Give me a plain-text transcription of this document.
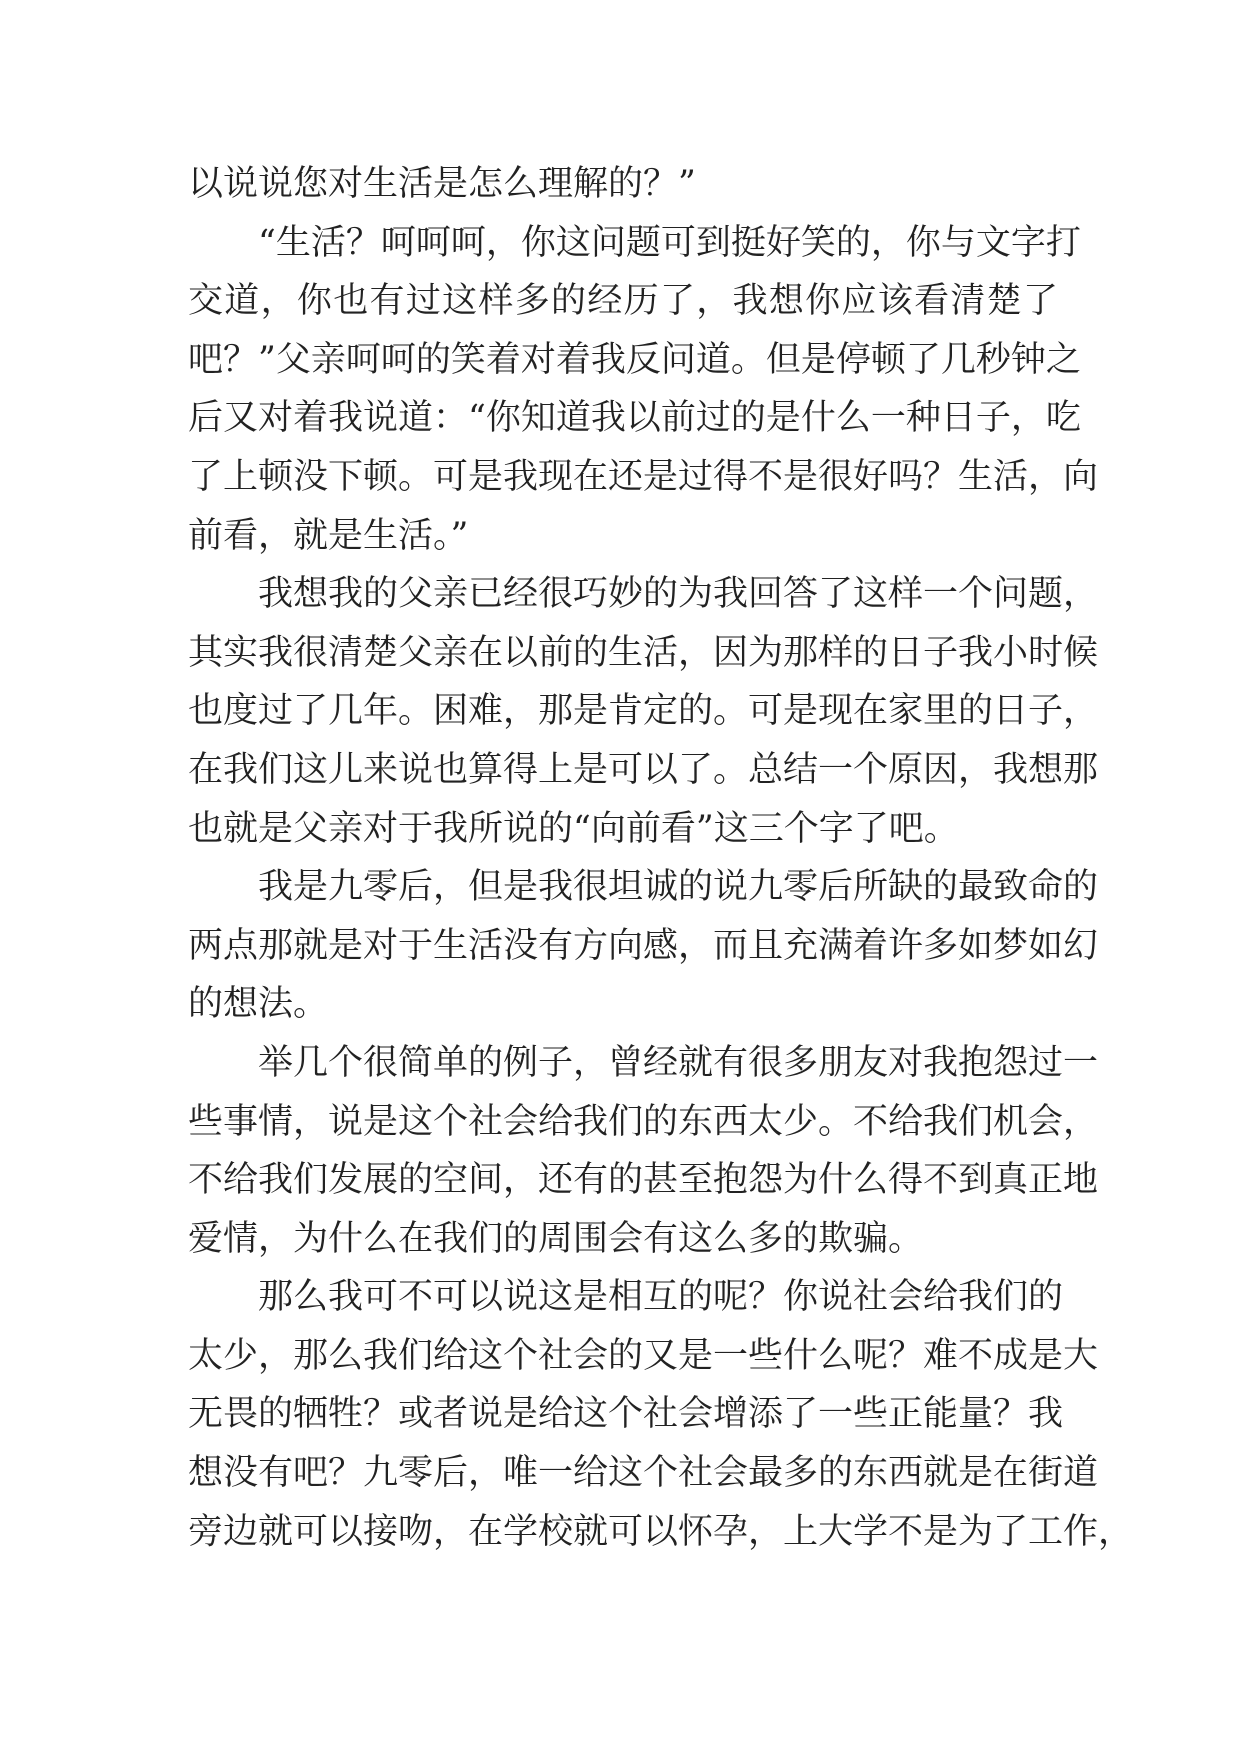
以说说您对生活是怎么理解的？”
“生活？呵呵呵，你这问题可到挺好笑的，你与文字打
交道，你也有过这样多的经历了，我想你应该看清楚了
吧？”父亲呵呵的笑着对着我反问道。但是停顿了几秒钟之
后又对着我说道：“你知道我以前过的是什么一种日子，吃
了上顿没下顿。可是我现在还是过得不是很好吗？生活，向
前看，就是生活。”
我想我的父亲已经很巧妙的为我回答了这样一个问题，
其实我很清楚父亲在以前的生活，因为那样的日子我小时候
也度过了几年。困难，那是肯定的。可是现在家里的日子，
在我们这儿来说也算得上是可以了。总结一个原因，我想那
也就是父亲对于我所说的“向前看”这三个字了吧。
我是九零后，但是我很坦诚的说九零后所缺的最致命的
两点那就是对于生活没有方向感，而且充满着许多如梦如幻
的想法。
举几个很简单的例子，曾经就有很多朋友对我抱怨过一
些事情，说是这个社会给我们的东西太少。不给我们机会，
不给我们发展的空间，还有的甚至抱怨为什么得不到真正地
爱情，为什么在我们的周围会有这么多的欺骗。
那么我可不可以说这是相互的呢？你说社会给我们的
太少，那么我们给这个社会的又是一些什么呢？难不成是大
无畏的牺牲？或者说是给这个社会增添了一些正能量？我
想没有吧？九零后，唯一给这个社会最多的东西就是在街道
旁边就可以接吻，在学校就可以怀孕，上大学不是为了工作，
